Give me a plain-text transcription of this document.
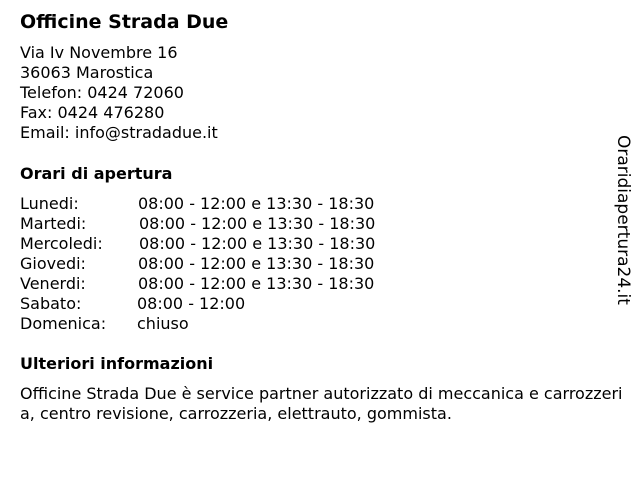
Officine Strada Due
Via Iv Novembre 16
36063 Marostica
Telefon: 0424 72060
Fax: 0424 476280
Email: info@stradadue.it
Orari di apertura
Lunedi:	08:00 - 12:00 e 13:30 - 18:30
Martedi:	08:00 - 12:00 e 13:30 - 18:30
Mercoledi: 08:00 - 12:00 e 13:30 - 18:30
Giovedi:	08:00 - 12:00 e 13:30 - 18:30
Venerdi:	08:00 - 12:00 e 13:30 - 18:30
Sabato:	08:00 - 12:00
Domenica: chiuso
Ulteriori informazioni
Officine Strada Due è service partner autorizzato di meccanica e carrozzeria, centro revisione, carrozzeria, elettrauto, gommista.
Oraridiapertura24.it
